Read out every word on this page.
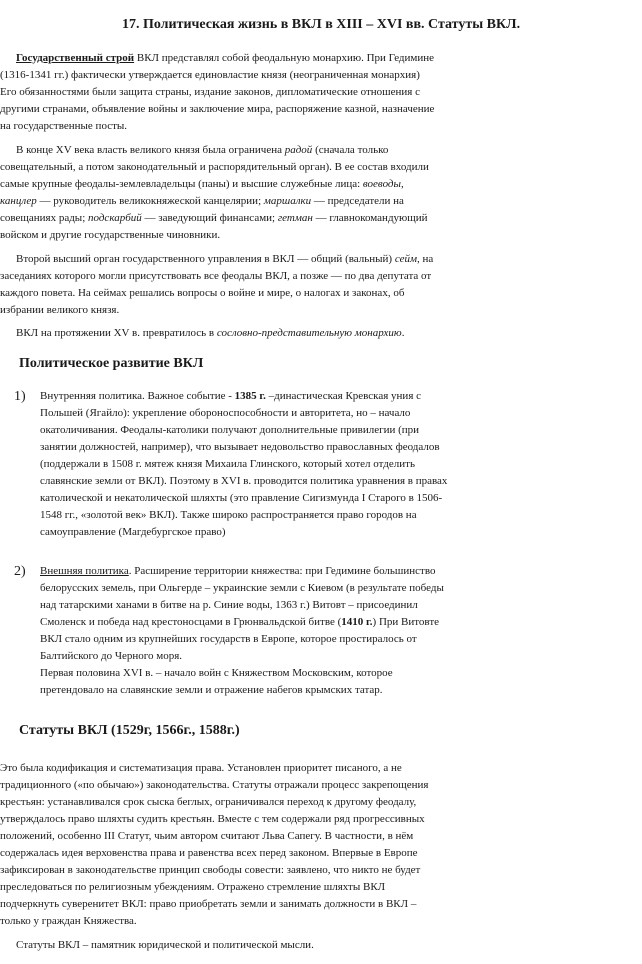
17. Политическая жизнь в ВКЛ в XIII – XVI вв. Статуты ВКЛ.
Государственный строй ВКЛ представлял собой феодальную монархию. При Гедимине
(1316-1341 гг.) фактически утверждается единовластие князя (неограниченная монархия)
Его обязанностями были защита страны, издание законов, дипломатические отношения с
другими странами, объявление войны и заключение мира, распоряжение казной, назначение
на государственные посты.
В конце XV века власть великого князя была ограничена радой (сначала только
совещательный, а потом законодательный и распорядительный орган). В ее состав входили
самые крупные феодалы-землевладельцы (паны) и высшие служебные лица: воеводы,
канцлер — руководитель великокняжеской канцелярии; маршалки — председатели на
совещаниях рады; подскарбий — заведующий финансами; гетман — главнокомандующий
войском и другие государственные чиновники.
Второй высший орган государственного управления в ВКЛ — общий (вальный) сейм, на
заседаниях которого могли присутствовать все феодалы ВКЛ, а позже — по два депутата от
каждого повета. На сеймах решались вопросы о войне и мире, о налогах и законах, об
избрании великого князя.
ВКЛ на протяжении XV в. превратилось в сословно-представительную монархию.
Политическое развитие ВКЛ
1) Внутренняя политика. Важное событие - 1385 г. –династическая Кревская уния с
Польшей (Ягайло): укрепление обороноспособности и авторитета, но – начало
окатоличивания. Феодалы-католики получают дополнительные привилегии (при
занятии должностей, например), что вызывает недовольство православных феодалов
(поддержали в 1508 г. мятеж князя Михаила Глинского, который хотел отделить
славянские земли от ВКЛ). Поэтому в XVI в. проводится политика уравнения в правах
католической и некатолической шляхты (это правление Сигизмунда I Старого в 1506-
1548 гг., «золотой век» ВКЛ). Также широко распространяется право городов на
самоуправление (Магдебургское право)
2) Внешняя политика. Расширение территории княжества: при Гедимине большинство
белорусских земель, при Ольгерде – украинские земли с Киевом (в результате победы
над татарскими ханами в битве на р. Синие воды, 1363 г.) Витовт – присоединил
Смоленск и победа над крестоносцами в Грюнвальдской битве (1410 г.) При Витовте
ВКЛ стало одним из крупнейших государств в Европе, которое простиралось от
Балтийского до Черного моря.
Первая половина XVI в. – начало войн с Княжеством Московским, которое
претендовало на славянские земли и отражение набегов крымских татар.
Статуты ВКЛ (1529г, 1566г., 1588г.)
Это была кодификация и систематизация права. Установлен приоритет писаного, а не
традиционного («по обычаю») законодательства. Статуты отражали процесс закрепощения
крестьян: устанавливался срок сыска беглых, ограничивался переход к другому феодалу,
утверждалось право шляхты судить крестьян. Вместе с тем содержали ряд прогрессивных
положений, особенно III Статут, чьим автором считают Льва Сапегу. В частности, в нём
содержалась идея верховенства права и равенства всех перед законом. Впервые в Европе
зафиксирован в законодательстве принцип свободы совести: заявлено, что никто не будет
преследоваться по религиозным убеждениям. Отражено стремление шляхты ВКЛ
подчеркнуть суверенитет ВКЛ: право приобретать земли и занимать должности в ВКЛ –
только у граждан Княжества.
Статуты ВКЛ – памятник юридической и политической мысли.
